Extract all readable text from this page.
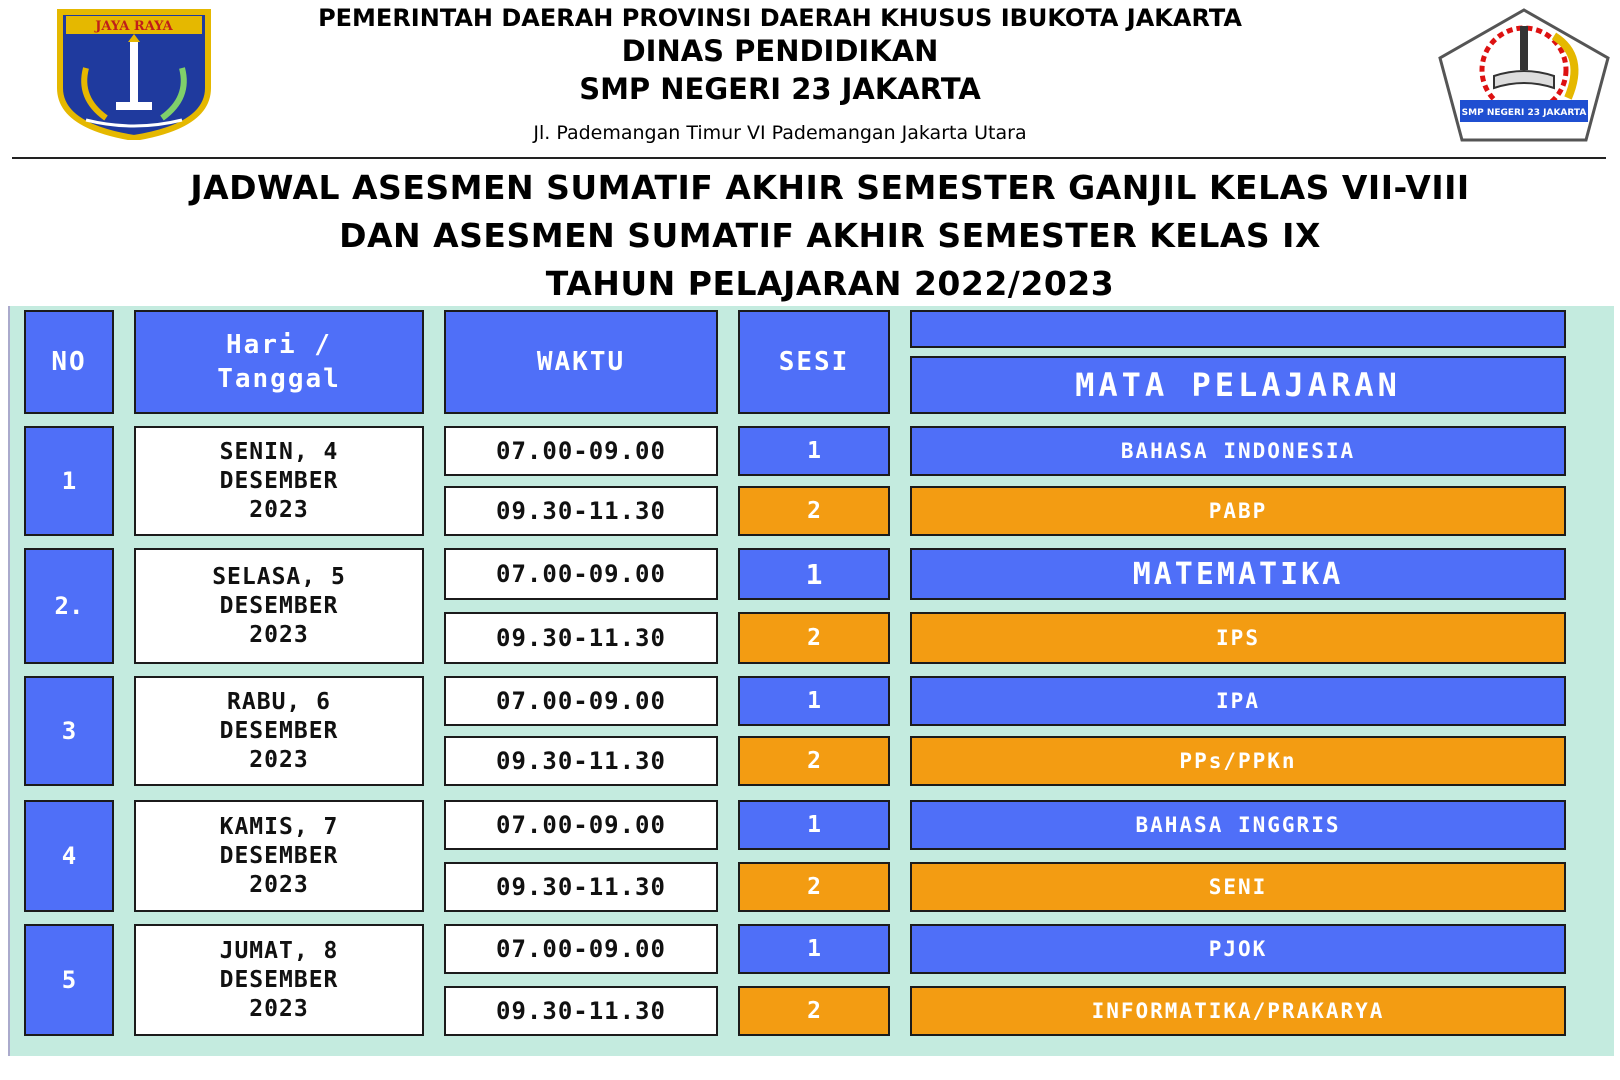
JAYA RAYA
SMP NEGERI 23 JAKARTA
PEMERINTAH DAERAH PROVINSI DAERAH KHUSUS IBUKOTA JAKARTA
DINAS PENDIDIKAN
SMP NEGERI 23 JAKARTA
Jl. Pademangan Timur VI Pademangan Jakarta Utara
JADWAL ASESMEN SUMATIF AKHIR SEMESTER GANJIL KELAS VII-VIII
DAN ASESMEN SUMATIF AKHIR SEMESTER KELAS IX
TAHUN PELAJARAN 2022/2023
NO
Hari /
Tanggal
WAKTU	SESI
MATA PELAJARAN
1
SENIN, 4
DESEMBER
2023
07.00-09.00
09.30-11.30
1
2
BAHASA INDONESIA
PABP
2.
SELASA, 5
DESEMBER
2023
07.00-09.00
09.30-11.30
1
2
MATEMATIKA
IPS
3
RABU, 6
DESEMBER
2023
07.00-09.00
09.30-11.30
1
2
IPA
PPs/PPKn
4
KAMIS, 7
DESEMBER
2023
07.00-09.00
09.30-11.30
1
2
BAHASA INGGRIS
SENI
5
JUMAT, 8
DESEMBER
2023
07.00-09.00
09.30-11.30
1
2
PJOK
INFORMATIKA/PRAKARYA
